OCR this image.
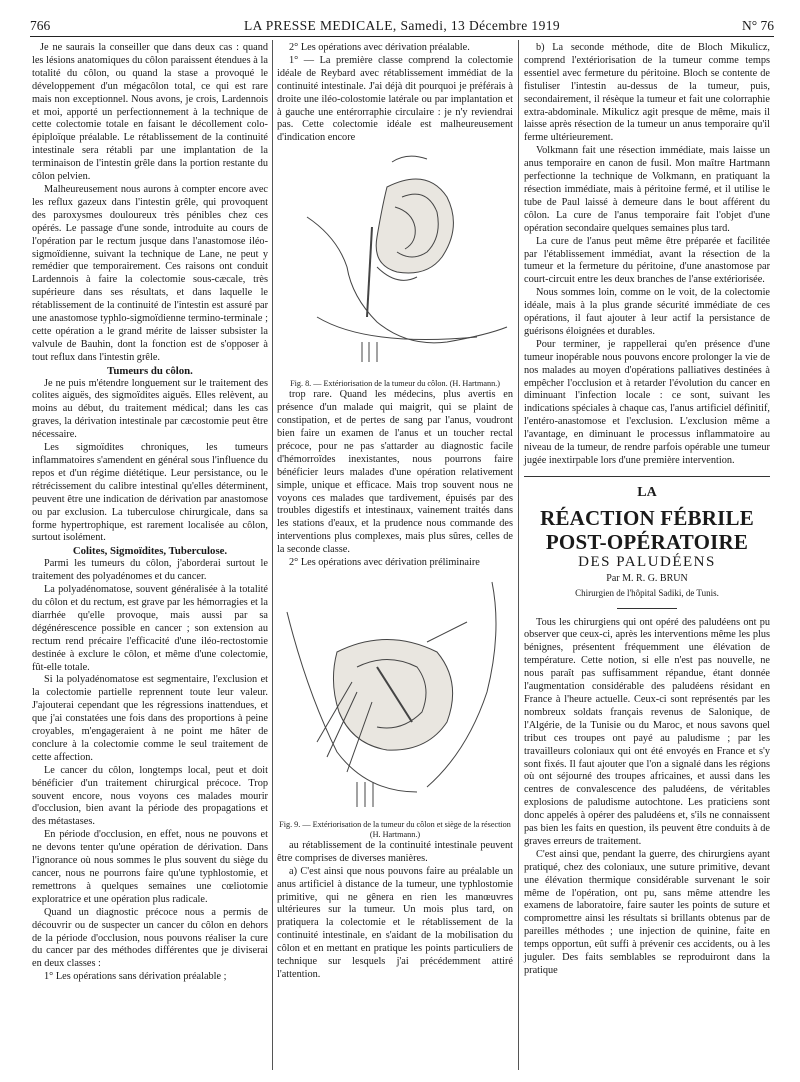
766	LA PRESSE MEDICALE, Samedi, 13 Décembre 1919	N° 76

Je ne saurais la conseiller que dans deux cas : quand les lésions anatomiques du côlon paraissent étendues à la totalité du côlon, ou quand la stase a provoqué le développement d'un mégacôlon total, ce qui est rare mais non exceptionnel. Nous avons, je crois, Lardennois et moi, apporté un perfectionnement à la technique de cette colectomie totale en faisant le décollement colo-épiploïque préalable. Le rétablissement de la continuité intestinale sera rétabli par une implantation de la terminaison de l'intestin grêle dans la portion restante du côlon pelvien.

Malheureusement nous aurons à compter encore avec les reflux gazeux dans l'intestin grêle, qui provoquent des paroxysmes douloureux très pénibles chez ces opérés. Le passage d'une sonde, introduite au cours de l'opération par le rectum jusque dans l'anastomose iléo-sigmoïdienne, suivant la technique de Lane, ne peut y remédier que temporairement. Ces raisons ont conduit Lardennois à faire la colectomie sous-cæcale, très supérieure dans ses résultats, et dans laquelle le rétablissement de la continuité de l'intestin est assuré par une anastomose typhlo-sigmoïdienne termino-terminale ; cette opération a le grand mérite de laisser subsister la valvule de Bauhin, dont la fonction est de s'opposer à tout reflux dans l'intestin grêle.

Tumeurs du côlon.

Je ne puis m'étendre longuement sur le traitement des colites aiguës, des sigmoïdites aiguës. Elles relèvent, au moins au début, du traitement médical; dans les cas graves, la dérivation intestinale par cæcostomie peut être nécessaire.

Les sigmoïdites chroniques, les tumeurs inflammatoires s'amendent en général sous l'influence du repos et d'un régime diététique. Leur persistance, ou le rétrécissement du calibre intestinal qu'elles déterminent, peuvent être une indication de dérivation par anastomose ou par exclusion. La tuberculose chirurgicale, dans sa forme hypertrophique, est rarement localisée au côlon, surtout isolément.

Colites, Sigmoïdites, Tuberculose.

Parmi les tumeurs du côlon, j'aborderai surtout le traitement des polyadénomes et du cancer.

La polyadénomatose, souvent généralisée à la totalité du côlon et du rectum, est grave par les hémorragies et la diarrhée qu'elle provoque, mais aussi par sa dégénérescence possible en cancer ; son extension au rectum rend précaire l'efficacité d'une iléo-rectostomie destinée à exclure le côlon, et même d'une colectomie, fût-elle totale.

Si la polyadénomatose est segmentaire, l'exclusion et la colectomie partielle reprennent toute leur valeur. J'ajouterai cependant que les régressions inattendues, et que j'ai constatées une fois dans des proportions à peine croyables, m'engageraient à ne point me hâter de conclure à la colectomie comme le seul traitement de cette affection.

Le cancer du côlon, longtemps local, peut et doit bénéficier d'un traitement chirurgical précoce. Trop souvent encore, nous voyons ces malades mourir d'occlusion, bien avant la période des propagations et des métastases.

En période d'occlusion, en effet, nous ne pouvons et ne devons tenter qu'une opération de dérivation. Dans l'ignorance où nous sommes le plus souvent du siège du cancer, nous ne pourrons faire qu'une typhlostomie, et remettrons à quelques semaines une cœliotomie exploratrice et une opération plus radicale.

Quand un diagnostic précoce nous a permis de découvrir ou de suspecter un cancer du côlon en dehors de la période d'occlusion, nous pouvons réaliser la cure du cancer par des méthodes différentes que je diviserai en deux classes :

1° Les opérations sans dérivation préalable ;

2° Les opérations avec dérivation préalable.

1° — La première classe comprend la colectomie idéale de Reybard avec rétablissement immédiat de la continuité intestinale. J'ai déjà dit pourquoi je préférais à droite une iléo-colostomie latérale ou par implantation et à gauche une entérorraphie circulaire : je n'y reviendrai pas. Cette colectomie idéale est malheureusement d'indication encore

Fig. 8. — Extériorisation de la tumeur du côlon. (H. Hartmann.)

trop rare. Quand les médecins, plus avertis en présence d'un malade qui maigrit, qui se plaint de constipation, et de pertes de sang par l'anus, voudront bien faire un examen de l'anus et un toucher rectal précoce, pour ne pas s'attarder au diagnostic facile d'hémorroïdes inexistantes, nous pourrons faire bénéficier leurs malades d'une opération relativement simple, unique et efficace. Mais trop souvent nous ne voyons ces malades que tardivement, épuisés par des troubles digestifs et intestinaux, vainement traités dans les stations d'eaux, et la prudence nous commande des interventions plus complexes, mais plus sûres, celles de la seconde classe.

2° Les opérations avec dérivation préliminaire

Fig. 9. — Extériorisation de la tumeur du côlon et siège de la résection (H. Hartmann.)

au rétablissement de la continuité intestinale peuvent être comprises de diverses manières.

a) C'est ainsi que nous pouvons faire au préalable un anus artificiel à distance de la tumeur, une typhlostomie primitive, qui ne gênera en rien les manœuvres ultérieures sur la tumeur. Un mois plus tard, on pratiquera la colectomie et le rétablissement de la continuité intestinale, en s'aidant de la mobilisation du côlon et en mettant en pratique les points particuliers de technique sur lesquels j'ai précédemment attiré l'attention.

b) La seconde méthode, dite de Bloch Mikulicz, comprend l'extériorisation de la tumeur comme temps essentiel avec fermeture du péritoine. Bloch se contente de fistuliser l'intestin au-dessus de la tumeur, puis, secondairement, il résèque la tumeur et fait une colorraphie extra-abdominale. Mikulicz agit presque de même, mais il laisse après résection de la tumeur un anus temporaire qu'il ferme ultérieurement.

Volkmann fait une résection immédiate, mais laisse un anus temporaire en canon de fusil. Mon maître Hartmann perfectionne la technique de Volkmann, en pratiquant la résection immédiate, mais à péritoine fermé, et il utilise le tube de Paul laissé à demeure dans le bout afférent du côlon. La cure de l'anus temporaire fait l'objet d'une opération secondaire quelques semaines plus tard.

La cure de l'anus peut même être préparée et facilitée par l'établissement immédiat, avant la résection de la tumeur et la fermeture du péritoine, d'une anastomose par court-circuit entre les deux branches de l'anse extériorisée.

Nous sommes loin, comme on le voit, de la colectomie idéale, mais à la plus grande sécurité immédiate de ces opérations, il faut ajouter à leur actif la persistance de guérisons éloignées et durables.

Pour terminer, je rappellerai qu'en présence d'une tumeur inopérable nous pouvons encore prolonger la vie de nos malades au moyen d'opérations palliatives destinées à empêcher l'occlusion et à retarder l'évolution du cancer en diminuant l'infection locale : ce sont, suivant les indications spéciales à chaque cas, l'anus artificiel définitif, l'entéro-anastomose et l'exclusion. L'exclusion même a l'avantage, en diminuant le processus inflammatoire au niveau de la tumeur, de rendre parfois opérable une tumeur jugée inextirpable lors d'une première intervention.

LA
RÉACTION FÉBRILE POST-OPÉRATOIRE
DES PALUDÉENS
Par M. R. G. BRUN
Chirurgien de l'hôpital Sadiki, de Tunis.

Tous les chirurgiens qui ont opéré des paludéens ont pu observer que ceux-ci, après les interventions même les plus bénignes, présentent fréquemment une élévation de température. Cette notion, si elle n'est pas nouvelle, ne nous paraît pas suffisamment répandue, étant donnée l'augmentation considérable des paludéens résidant en France à l'heure actuelle. Ceux-ci sont représentés par les nombreux soldats français revenus de Salonique, de l'Algérie, de la Tunisie ou du Maroc, et nous savons quel tribut ces troupes ont payé au paludisme ; par les travailleurs coloniaux qui ont été envoyés en France et s'y sont fixés. Il faut ajouter que l'on a signalé dans les régions où ont séjourné des troupes africaines, et aussi dans les centres de convalescence des paludéens, de véritables explosions de paludisme autochtone. Les praticiens sont donc appelés à opérer des paludéens et, s'ils ne connaissent pas bien les faits en question, ils peuvent être conduits à de graves erreurs de traitement.

C'est ainsi que, pendant la guerre, des chirurgiens ayant pratiqué, chez des coloniaux, une suture primitive, devant une élévation thermique considérable survenant le soir même de l'opération, ont pu, sans même attendre les examens de laboratoire, faire sauter les points de suture et compromettre ainsi les résultats si brillants obtenus par de pareilles méthodes ; une injection de quinine, faite en temps opportun, eût suffi à prévenir ces accidents, ou à les juguler. Des faits semblables se reproduiront dans la pratique
